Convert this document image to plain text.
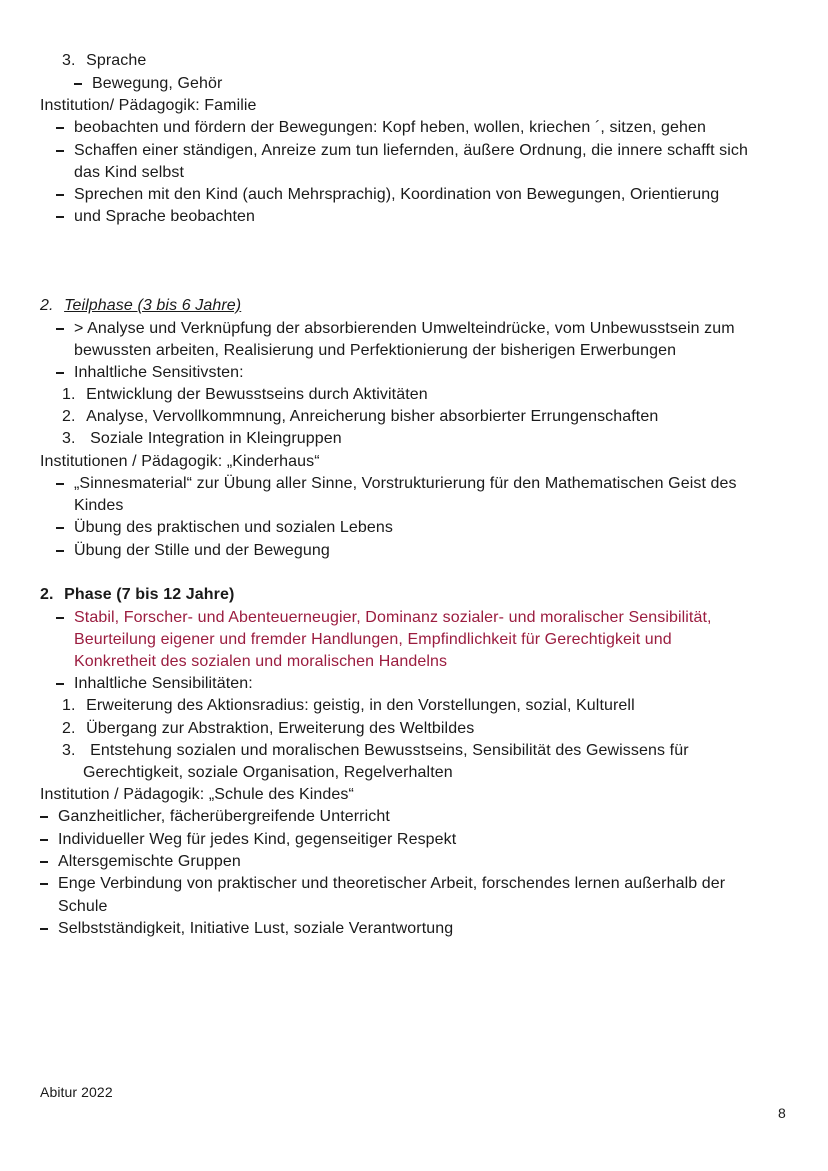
3. Sprache

Bewegung, Gehör

Institution/ Pädagogik: Familie

beobachten und fördern der Bewegungen: Kopf heben, wollen, kriechen ´, sitzen, gehen

Schaffen einer ständigen, Anreize zum tun liefernden, äußere Ordnung, die innere schafft sich

das Kind selbst

Sprechen mit den Kind (auch Mehrsprachig), Koordination von Bewegungen, Orientierung

und Sprache beobachten

2. Teilphase (3 bis 6 Jahre)

> Analyse und Verknüpfung der absorbierenden Umwelteindrücke, vom Unbewusstsein zum

bewussten arbeiten, Realisierung und Perfektionierung der bisherigen Erwerbungen

Inhaltliche Sensitivsten:

1. Entwicklung der Bewusstseins durch Aktivitäten

2. Analyse, Vervollkommnung, Anreicherung bisher absorbierter Errungenschaften

3. Soziale Integration in Kleingruppen

Institutionen / Pädagogik: „Kinderhaus“

„Sinnesmaterial“ zur Übung aller Sinne, Vorstrukturierung für den Mathematischen Geist des

Kindes

Übung des praktischen und sozialen Lebens

Übung der Stille und der Bewegung

2. Phase (7 bis 12 Jahre)

Stabil, Forscher- und Abenteuerneugier, Dominanz sozialer- und moralischer Sensibilität,

Beurteilung eigener und fremder Handlungen, Empfindlichkeit für Gerechtigkeit und

Konkretheit des sozialen und moralischen Handelns

Inhaltliche Sensibilitäten:

1. Erweiterung des Aktionsradius: geistig, in den Vorstellungen, sozial, Kulturell

2. Übergang zur Abstraktion, Erweiterung des Weltbildes

3. Entstehung sozialen und moralischen Bewusstseins, Sensibilität des Gewissens für

Gerechtigkeit, soziale Organisation, Regelverhalten

Institution / Pädagogik: „Schule des Kindes“

Ganzheitlicher, fächerübergreifende Unterricht

Individueller Weg für jedes Kind, gegenseitiger Respekt

Altersgemischte Gruppen

Enge Verbindung von praktischer und theoretischer Arbeit, forschendes lernen außerhalb der

Schule

Selbstständigkeit, Initiative Lust, soziale Verantwortung

Abitur 2022

8
